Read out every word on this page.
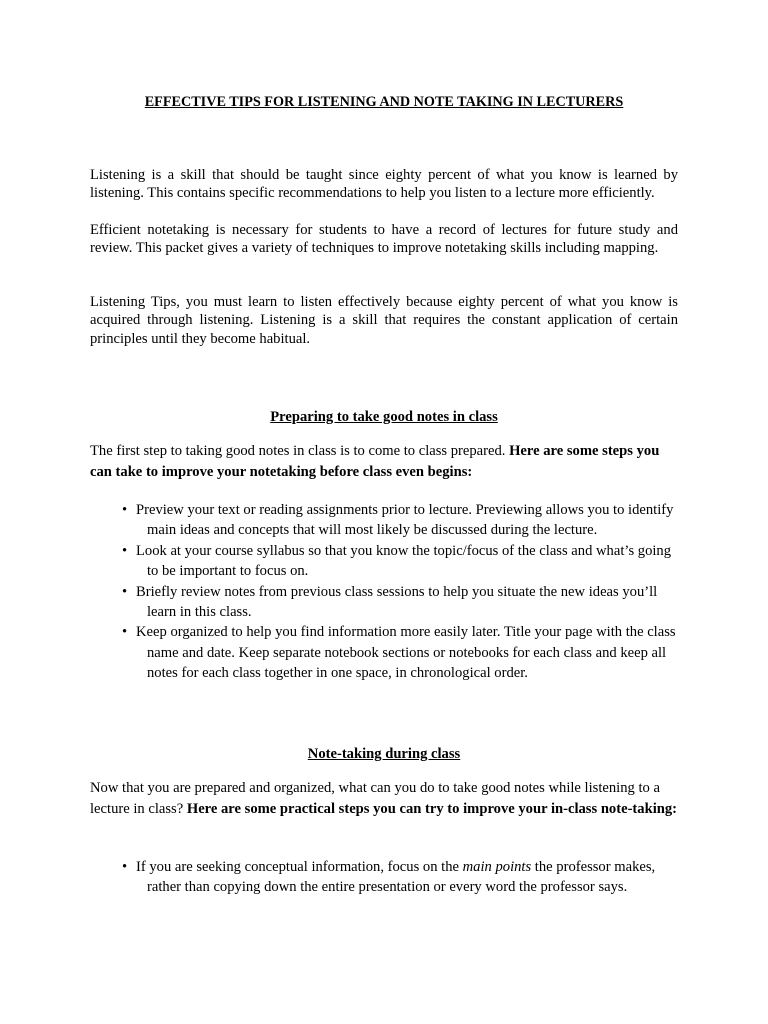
EFFECTIVE TIPS FOR LISTENING AND NOTE TAKING IN LECTURERS

Listening is a skill that should be taught since eighty percent of what you know is learned by listening. This contains specific recommendations to help you listen to a lecture more efficiently.

Efficient notetaking is necessary for students to have a record of lectures for future study and review. This packet gives a variety of techniques to improve notetaking skills including mapping.

Listening Tips, you must learn to listen effectively because eighty percent of what you know is acquired through listening. Listening is a skill that requires the constant application of certain principles until they become habitual.

Preparing to take good notes in class

The first step to taking good notes in class is to come to class prepared. Here are some steps you can take to improve your notetaking before class even begins:

• Preview your text or reading assignments prior to lecture. Previewing allows you to identify main ideas and concepts that will most likely be discussed during the lecture.
• Look at your course syllabus so that you know the topic/focus of the class and what’s going to be important to focus on.
• Briefly review notes from previous class sessions to help you situate the new ideas you’ll learn in this class.
• Keep organized to help you find information more easily later. Title your page with the class name and date. Keep separate notebook sections or notebooks for each class and keep all notes for each class together in one space, in chronological order.
Note-taking during class

Now that you are prepared and organized, what can you do to take good notes while listening to a lecture in class? Here are some practical steps you can try to improve your in-class note-taking:

• If you are seeking conceptual information, focus on the main points the professor makes, rather than copying down the entire presentation or every word the professor says.
